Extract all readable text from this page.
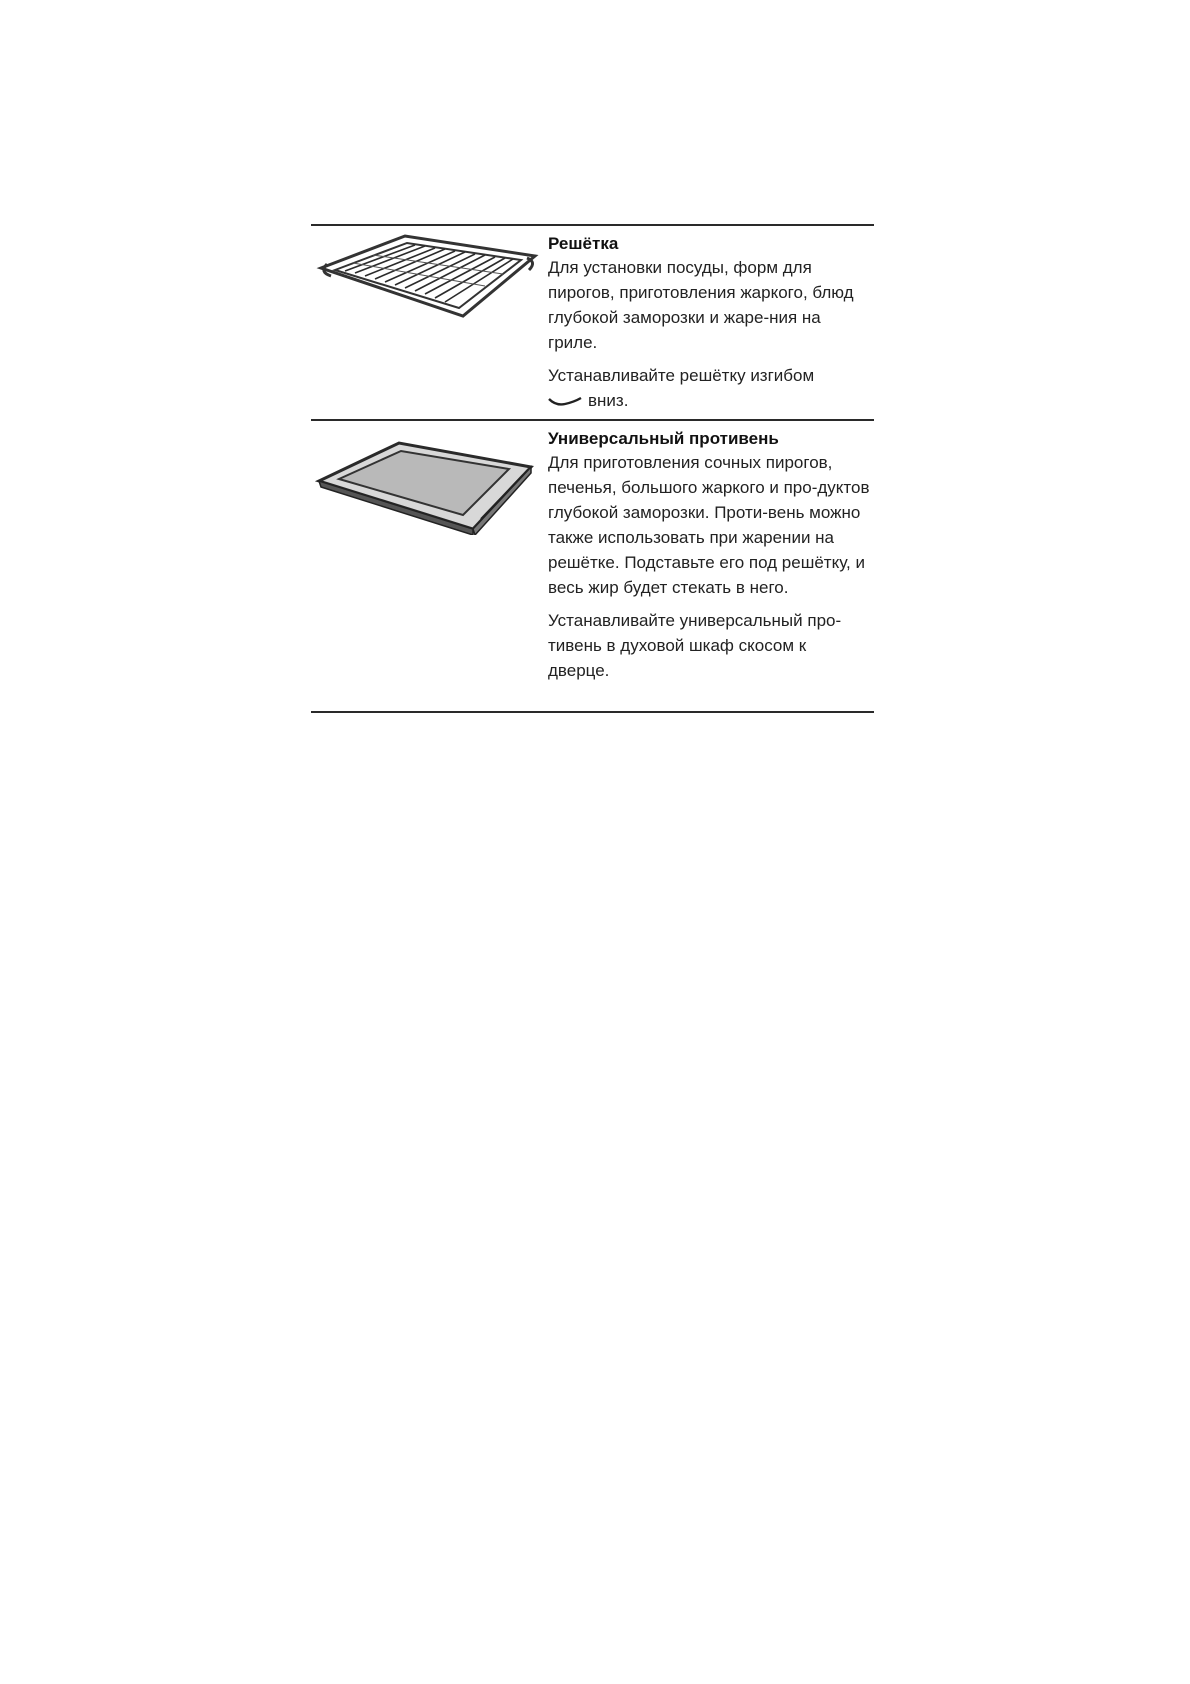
Решётка

Для установки посуды, форм для пирогов, приготовления жаркого, блюд глубокой заморозки и жаре-ния на гриле.

Устанавливайте решётку изгибом
вниз.

Универсальный противень

Для приготовления сочных пирогов, печенья, большого жаркого и про-дуктов глубокой заморозки. Проти-вень можно также использовать при жарении на решётке. Подставьте его под решётку, и весь жир будет стекать в него.

Устанавливайте универсальный про-тивень в духовой шкаф скосом к дверце.
